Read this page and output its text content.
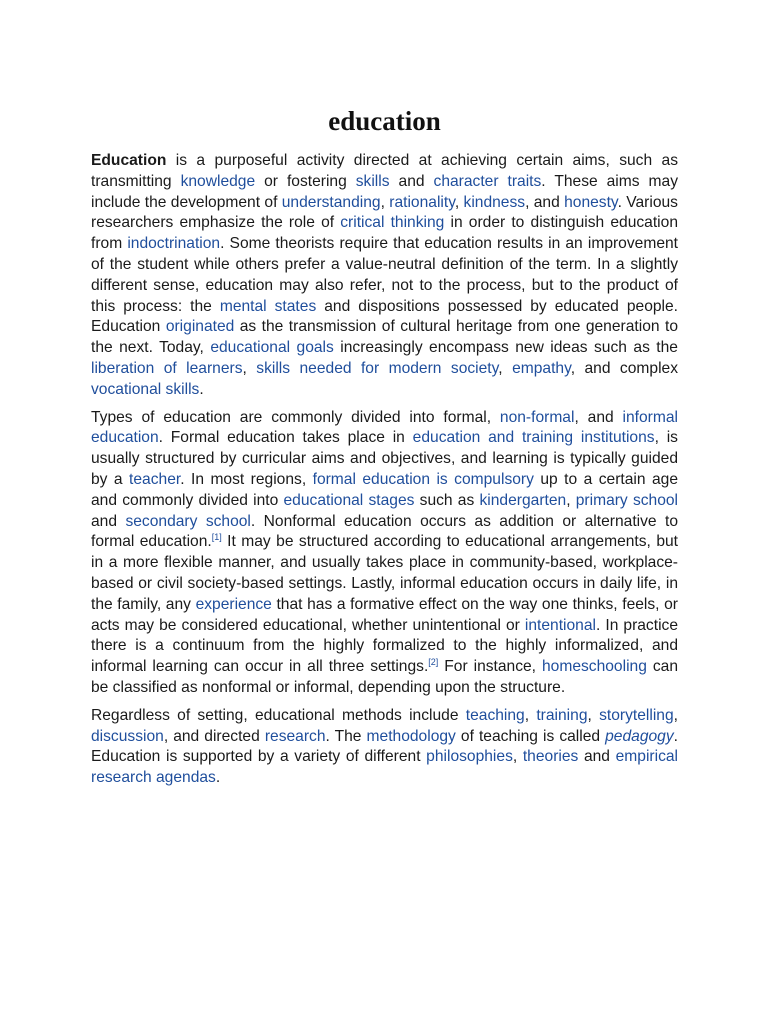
education

Education is a purposeful activity directed at achieving certain aims, such as transmitting knowledge or fostering skills and character traits. These aims may include the development of understanding, rationality, kindness, and honesty. Various researchers emphasize the role of critical thinking in order to distinguish education from indoctrination. Some theorists require that education results in an improvement of the student while others prefer a value-neutral definition of the term. In a slightly different sense, education may also refer, not to the process, but to the product of this process: the mental states and dispositions possessed by educated people. Education originated as the transmission of cultural heritage from one generation to the next. Today, educational goals increasingly encompass new ideas such as the liberation of learners, skills needed for modern society, empathy, and complex vocational skills.

Types of education are commonly divided into formal, non-formal, and informal education. Formal education takes place in education and training institutions, is usually structured by curricular aims and objectives, and learning is typically guided by a teacher. In most regions, formal education is compulsory up to a certain age and commonly divided into educational stages such as kindergarten, primary school and secondary school. Nonformal education occurs as addition or alternative to formal education.[1] It may be structured according to educational arrangements, but in a more flexible manner, and usually takes place in community-based, workplace-based or civil society-based settings. Lastly, informal education occurs in daily life, in the family, any experience that has a formative effect on the way one thinks, feels, or acts may be considered educational, whether unintentional or intentional. In practice there is a continuum from the highly formalized to the highly informalized, and informal learning can occur in all three settings.[2] For instance, homeschooling can be classified as nonformal or informal, depending upon the structure.

Regardless of setting, educational methods include teaching, training, storytelling, discussion, and directed research. The methodology of teaching is called pedagogy. Education is supported by a variety of different philosophies, theories and empirical research agendas.
